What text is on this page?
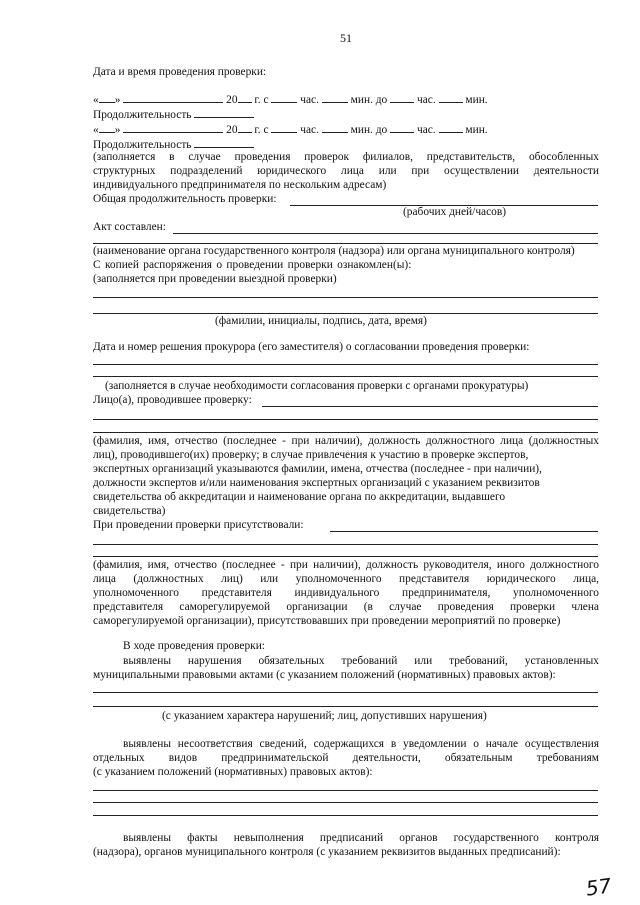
51
Дата и время проведения проверки:
« »	20 г. с	час.	мин. до	час.	мин.
Продолжительность
« »	20 г. с	час.	мин. до	час.	мин.
Продолжительность
(заполняется в случае проведения проверок филиалов, представительств, обособленных
структурных подразделений юридического лица или при осуществлении деятельности
индивидуального предпринимателя по нескольким адресам)
Общая продолжительность проверки:
(рабочих дней/часов)
Акт составлен:
(наименование органа государственного контроля (надзора) или органа муниципального контроля)
С копией распоряжения о проведении проверки ознакомлен(ы):
(заполняется при проведении выездной проверки)
(фамилии, инициалы, подпись, дата, время)
Дата и номер решения прокурора (его заместителя) о согласовании проведения проверки:
(заполняется в случае необходимости согласования проверки с органами прокуратуры)
Лицо(а), проводившее проверку:
(фамилия, имя, отчество (последнее - при наличии), должность должностного лица (должностных
лиц), проводившего(их) проверку; в случае привлечения к участию в проверке экспертов,
экспертных организаций указываются фамилии, имена, отчества (последнее - при наличии),
должности экспертов и/или наименования экспертных организаций с указанием реквизитов
свидетельства об аккредитации и наименование органа по аккредитации, выдавшего
свидетельства)
При проведении проверки присутствовали:
(фамилия, имя, отчество (последнее - при наличии), должность руководителя, иного должностного
лица (должностных лиц) или уполномоченного представителя юридического лица,
уполномоченного представителя индивидуального предпринимателя, уполномоченного
представителя саморегулируемой организации (в случае проведения проверки члена
саморегулируемой организации), присутствовавших при проведении мероприятий по проверке)
В ходе проведения проверки:
выявлены нарушения обязательных требований или требований, установленных
муниципальными правовыми актами (с указанием положений (нормативных) правовых актов):
(с указанием характера нарушений; лиц, допустивших нарушения)
выявлены несоответствия сведений, содержащихся в уведомлении о начале осуществления
отдельных видов предпринимательской деятельности, обязательным требованиям
(с указанием положений (нормативных) правовых актов):
выявлены факты невыполнения предписаний органов государственного контроля
(надзора), органов муниципального контроля (с указанием реквизитов выданных предписаний):
57
